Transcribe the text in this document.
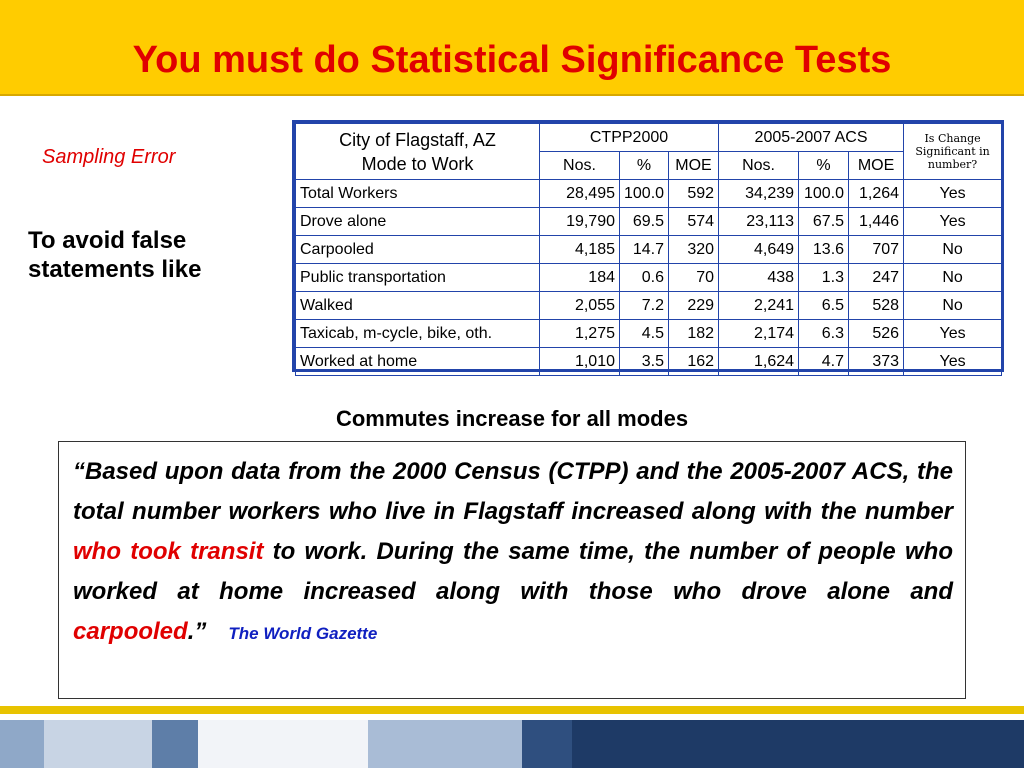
You must do Statistical Significance Tests
Sampling Error
To avoid false statements like
City of Flagstaff, AZ
Mode to Work	CTPP2000			2005-2007 ACS			Is Change Significant in number?
	Nos.	%	MOE	Nos.	%	MOE	
Total Workers	28,495	100.0	592	34,239	100.0	1,264	Yes
Drove alone	19,790	69.5	574	23,113	67.5	1,446	Yes
Carpooled	4,185	14.7	320	4,649	13.6	707	No
Public transportation	184	0.6	70	438	1.3	247	No
Walked	2,055	7.2	229	2,241	6.5	528	No
Taxicab, m-cycle, bike, oth.	1,275	4.5	182	2,174	6.3	526	Yes
Worked at home	1,010	3.5	162	1,624	4.7	373	Yes
Commutes increase for all modes

“Based upon data from the 2000 Census (CTPP) and the 2005-2007 ACS, the total number workers who live in Flagstaff increased along with the number who took transit to work. During the same time, the number of people who worked at home increased along with those who drove alone and carpooled.” The World Gazette
